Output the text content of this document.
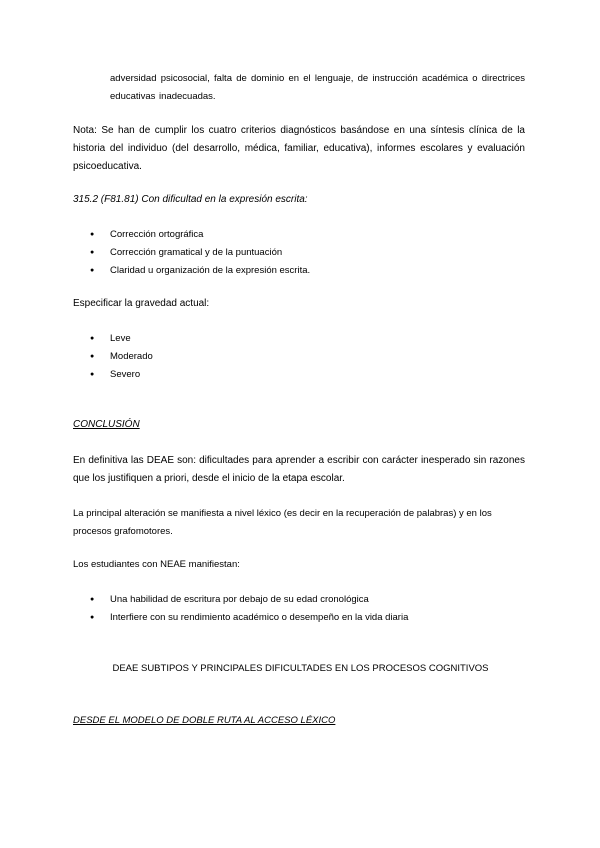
adversidad psicosocial, falta de dominio en el lenguaje, de instrucción académica o directrices educativas inadecuadas.
Nota: Se han de cumplir los cuatro criterios diagnósticos basándose en una síntesis clínica de la historia del individuo (del desarrollo, médica, familiar, educativa), informes escolares y evaluación psicoeducativa.
315.2 (F81.81) Con dificultad en la expresión escrita:
● Corrección ortográfica
● Corrección gramatical y de la puntuación
● Claridad u organización de la expresión escrita.
Especificar la gravedad actual:
● Leve
● Moderado
● Severo
CONCLUSIÓN
En definitiva las DEAE son: dificultades para aprender a escribir con carácter inesperado sin razones que los justifiquen a priori, desde el inicio de la etapa escolar.
La principal alteración se manifiesta a nivel léxico (es decir en la recuperación de palabras) y en los procesos grafomotores.
Los estudiantes con NEAE manifiestan:
● Una habilidad de escritura por debajo de su edad cronológica
● Interfiere con su rendimiento académico o desempeño en la vida diaria
DEAE SUBTIPOS Y PRINCIPALES DIFICULTADES EN LOS PROCESOS COGNITIVOS
DESDE EL MODELO DE DOBLE RUTA AL ACCESO LÉXICO
